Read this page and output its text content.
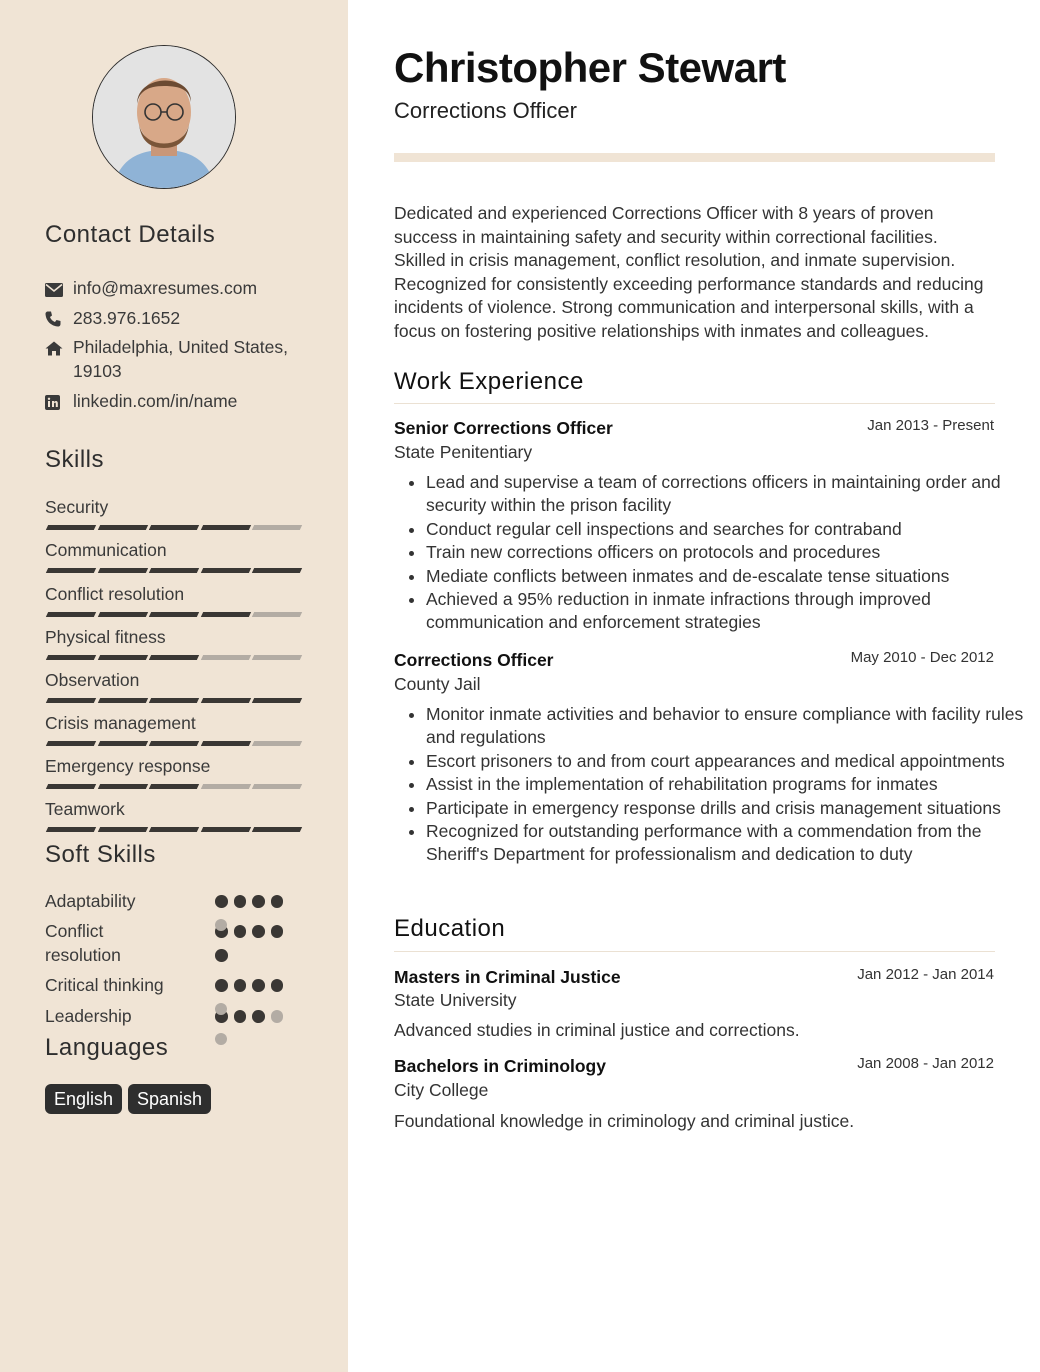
Contact Details
info@maxresumes.com
283.976.1652
Philadelphia, United States, 19103
linkedin.com/in/name
Skills
Security
Communication
Conflict resolution
Physical fitness
Observation
Crisis management
Emergency response
Teamwork
Soft Skills
Adaptability
Conflict resolution
Critical thinking
Leadership
Languages
English	Spanish
Christopher Stewart
Corrections Officer

Dedicated and experienced Corrections Officer with 8 years of proven success in maintaining safety and security within correctional facilities. Skilled in crisis management, conflict resolution, and inmate supervision. Recognized for consistently exceeding performance standards and reducing incidents of violence. Strong communication and interpersonal skills, with a focus on fostering positive relationships with inmates and colleagues.

Work Experience
Senior Corrections Officer	Jan 2013 - Present
State Penitentiary
• Lead and supervise a team of corrections officers in maintaining order and security within the prison facility
• Conduct regular cell inspections and searches for contraband
• Train new corrections officers on protocols and procedures
• Mediate conflicts between inmates and de-escalate tense situations
• Achieved a 95% reduction in inmate infractions through improved communication and enforcement strategies
Corrections Officer	May 2010 - Dec 2012
County Jail
• Monitor inmate activities and behavior to ensure compliance with facility rules and regulations
• Escort prisoners to and from court appearances and medical appointments
• Assist in the implementation of rehabilitation programs for inmates
• Participate in emergency response drills and crisis management situations
• Recognized for outstanding performance with a commendation from the Sheriff's Department for professionalism and dedication to duty
Education
Masters in Criminal Justice	Jan 2012 - Jan 2014
State University
Advanced studies in criminal justice and corrections.
Bachelors in Criminology	Jan 2008 - Jan 2012
City College
Foundational knowledge in criminology and criminal justice.
